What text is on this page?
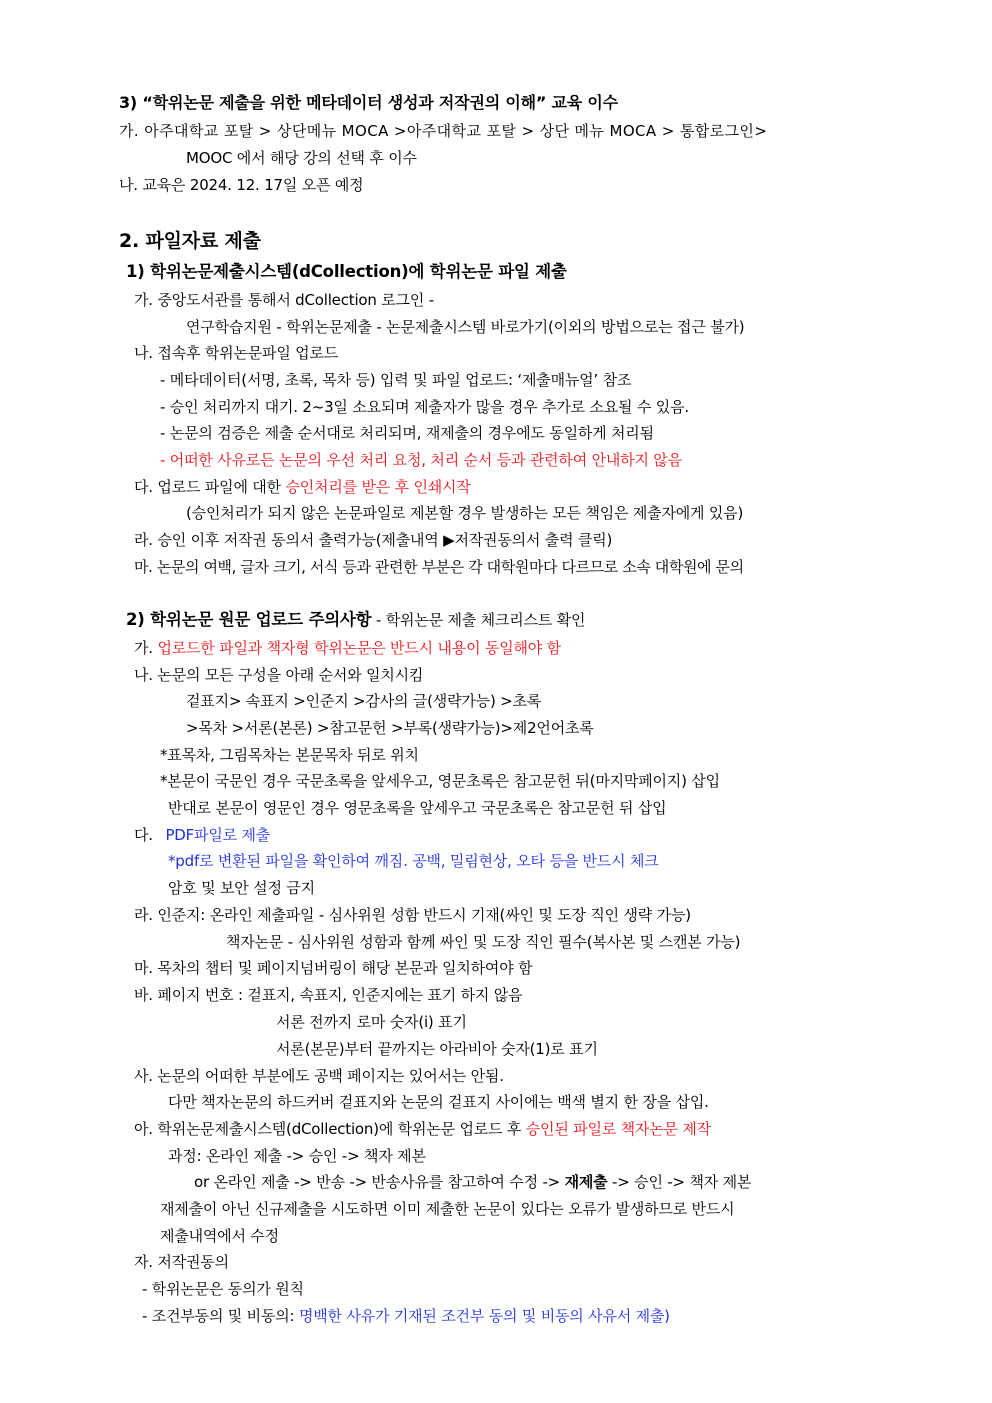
3) “학위논문 제출을 위한 메타데이터 생성과 저작권의 이해” 교육 이수
가. 아주대학교 포탈 > 상단메뉴 MOCA >아주대학교 포탈 > 상단 메뉴 MOCA > 통합로그인>
MOOC 에서 해당 강의 선택 후 이수
나. 교육은 2024. 12. 17일 오픈 예정
2. 파일자료 제출
1) 학위논문제출시스템(dCollection)에 학위논문 파일 제출
가. 중앙도서관를 통해서 dCollection 로그인 -
연구학습지원 - 학위논문제출 - 논문제출시스템 바로가기(이외의 방법으로는 접근 불가)
나. 접속후 학위논문파일 업로드
- 메타데이터(서명, 초록, 목차 등) 입력 및 파일 업로드: ‘제출매뉴얼’ 참조
- 승인 처리까지 대기. 2~3일 소요되며 제출자가 많을 경우 추가로 소요될 수 있음.
- 논문의 검증은 제출 순서대로 처리되며, 재제출의 경우에도 동일하게 처리됨
- 어떠한 사유로든 논문의 우선 처리 요청, 처리 순서 등과 관련하여 안내하지 않음
다. 업로드 파일에 대한 승인처리를 받은 후 인쇄시작
(승인처리가 되지 않은 논문파일로 제본할 경우 발생하는 모든 책임은 제출자에게 있음)
라. 승인 이후 저작권 동의서 출력가능(제출내역 ▶저작권동의서 출력 클릭)
마. 논문의 여백, 글자 크기, 서식 등과 관련한 부분은 각 대학원마다 다르므로 소속 대학원에 문의
2) 학위논문 원문 업로드 주의사항 - 학위논문 제출 체크리스트 확인
가. 업로드한 파일과 책자형 학위논문은 반드시 내용이 동일해야 함
나. 논문의 모든 구성을 아래 순서와 일치시킴
겉표지> 속표지 >인준지 >감사의 글(생략가능) >초록
>목차 >서론(본론) >참고문헌 >부록(생략가능)>제2언어초록
*표목차, 그림목차는 본문목차 뒤로 위치
*본문이 국문인 경우 국문초록을 앞세우고, 영문초록은 참고문헌 뒤(마지막페이지) 삽입
반대로 본문이 영문인 경우 영문초록을 앞세우고 국문초록은 참고문헌 뒤 삽입
다. PDF파일로 제출
*pdf로 변환된 파일을 확인하여 깨짐. 공백, 밀림현상, 오타 등을 반드시 체크
암호 및 보안 설정 금지
라. 인준지: 온라인 제출파일 - 심사위원 성함 반드시 기재(싸인 및 도장 직인 생략 가능)
책자논문 - 심사위원 성함과 함께 싸인 및 도장 직인 필수(복사본 및 스캔본 가능)
마. 목차의 챕터 및 페이지넘버링이 해당 본문과 일치하여야 함
바. 페이지 번호 : 겉표지, 속표지, 인준지에는 표기 하지 않음
서론 전까지 로마 숫자(i) 표기
서론(본문)부터 끝까지는 아라비아 숫자(1)로 표기
사. 논문의 어떠한 부분에도 공백 페이지는 있어서는 안됨.
다만 책자논문의 하드커버 겉표지와 논문의 겉표지 사이에는 백색 별지 한 장을 삽입.
아. 학위논문제출시스템(dCollection)에 학위논문 업로드 후 승인된 파일로 책자논문 제작
과정: 온라인 제출 -> 승인 -> 책자 제본
or 온라인 제출 -> 반송 -> 반송사유를 참고하여 수정 -> 재제출 -> 승인 -> 책자 제본
재제출이 아닌 신규제출을 시도하면 이미 제출한 논문이 있다는 오류가 발생하므로 반드시
제출내역에서 수정
자. 저작권동의
- 학위논문은 동의가 원칙
- 조건부동의 및 비동의: 명백한 사유가 기재된 조건부 동의 및 비동의 사유서 제출)
